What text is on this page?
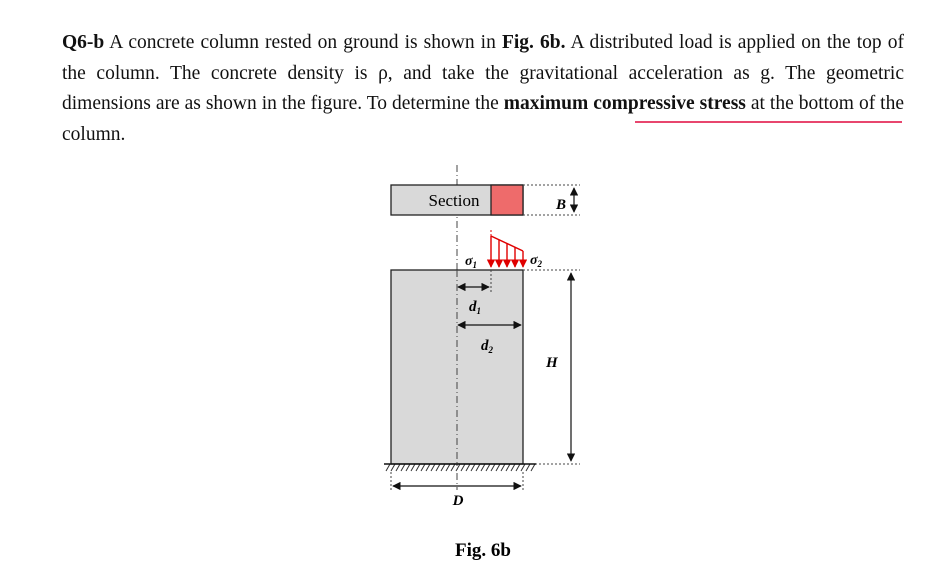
Q6-b A concrete column rested on ground is shown in Fig. 6b. A distributed load is applied on the top of the column. The concrete density is ρ, and take the gravitational acceleration as g. The geometric dimensions are as shown in the figure. To determine the maximum compressive stress at the bottom of the column.

Section	B
$\sigma_1$	$\sigma_2$
$d_1$
$d_2$
H
D
Fig. 6b
